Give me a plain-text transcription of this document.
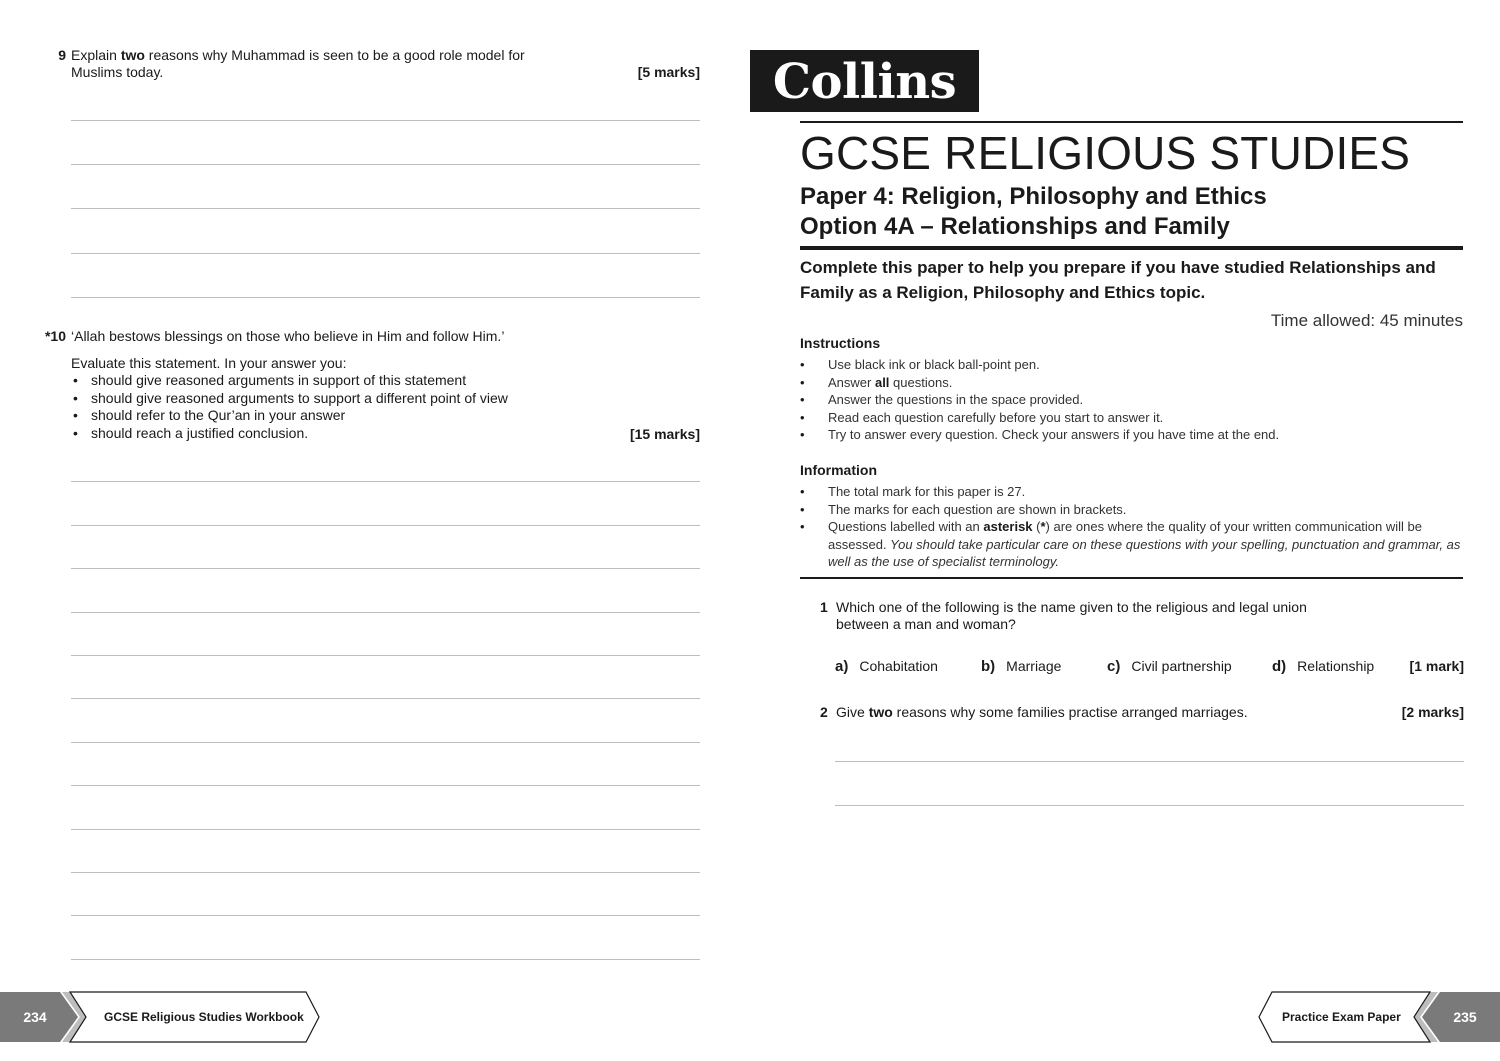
9 Explain two reasons why Muhammad is seen to be a good role model for Muslims today.	[5 marks]
*10 ‘Allah bestows blessings on those who believe in Him and follow Him.’
Evaluate this statement. In your answer you:
• should give reasoned arguments in support of this statement
• should give reasoned arguments to support a different point of view
• should refer to the Qur’an in your answer
• should reach a justified conclusion.	[15 marks]
234	GCSE Religious Studies Workbook
Collins
GCSE RELIGIOUS STUDIES
Paper 4: Religion, Philosophy and Ethics
Option 4A – Relationships and Family
Complete this paper to help you prepare if you have studied Relationships and Family as a Religion, Philosophy and Ethics topic.
Time allowed: 45 minutes
Instructions
• Use black ink or black ball-point pen.
• Answer all questions.
• Answer the questions in the space provided.
• Read each question carefully before you start to answer it.
• Try to answer every question. Check your answers if you have time at the end.
Information
• The total mark for this paper is 27.
• The marks for each question are shown in brackets.
• Questions labelled with an asterisk (*) are ones where the quality of your written communication will be assessed. You should take particular care on these questions with your spelling, punctuation and grammar, as well as the use of specialist terminology.
1 Which one of the following is the name given to the religious and legal union between a man and woman?
a) Cohabitation	b) Marriage	c) Civil partnership	d) Relationship	[1 mark]
2 Give two reasons why some families practise arranged marriages.	[2 marks]
Practice Exam Paper	235
